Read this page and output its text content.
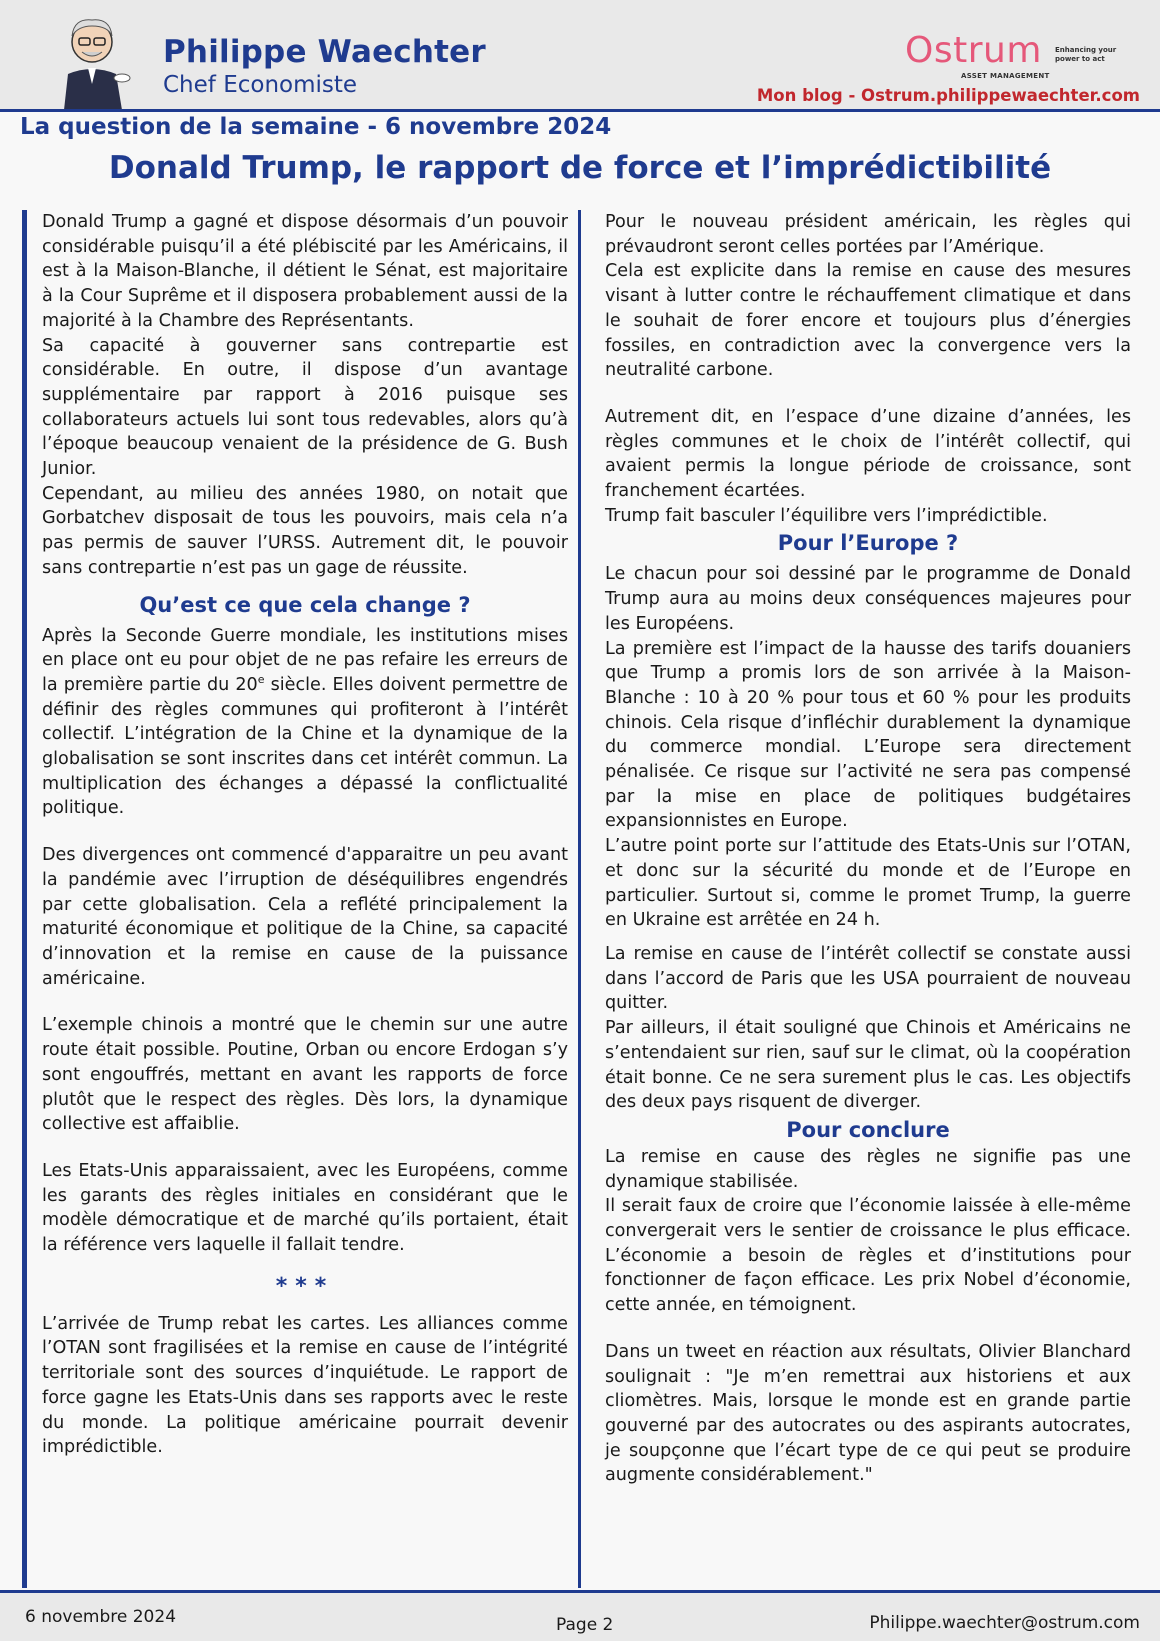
Philippe Waechter
Chef Economiste
Ostrum
ASSET MANAGEMENT
Enhancing your power to act
Mon blog - Ostrum.philippewaechter.com
La question de la semaine - 6 novembre 2024
Donald Trump, le rapport de force et l’imprédictibilité

Donald Trump a gagné et dispose désormais d’un pouvoir considérable puisqu’il a été plébiscité par les Américains, il est à la Maison-Blanche, il détient le Sénat, est majoritaire à la Cour Suprême et il disposera probablement aussi de la majorité à la Chambre des Représentants.

Sa capacité à gouverner sans contrepartie est considérable. En outre, il dispose d’un avantage supplémentaire par rapport à 2016 puisque ses collaborateurs actuels lui sont tous redevables, alors qu’à l’époque beaucoup venaient de la présidence de G. Bush Junior.

Cependant, au milieu des années 1980, on notait que Gorbatchev disposait de tous les pouvoirs, mais cela n’a pas permis de sauver l’URSS. Autrement dit, le pouvoir sans contrepartie n’est pas un gage de réussite.

Qu’est ce que cela change ?

Après la Seconde Guerre mondiale, les institutions mises en place ont eu pour objet de ne pas refaire les erreurs de la première partie du 20e siècle. Elles doivent permettre de définir des règles communes qui profiteront à l’intérêt collectif. L’intégration de la Chine et la dynamique de la globalisation se sont inscrites dans cet intérêt commun. La multiplication des échanges a dépassé la conflictualité politique.

Des divergences ont commencé d'apparaitre un peu avant la pandémie avec l’irruption de déséquilibres engendrés par cette globalisation. Cela a reflété principalement la maturité économique et politique de la Chine, sa capacité d’innovation et la remise en cause de la puissance américaine.

L’exemple chinois a montré que le chemin sur une autre route était possible. Poutine, Orban ou encore Erdogan s’y sont engouffrés, mettant en avant les rapports de force plutôt que le respect des règles. Dès lors, la dynamique collective est affaiblie.

Les Etats-Unis apparaissaient, avec les Européens, comme les garants des règles initiales en considérant que le modèle démocratique et de marché qu’ils portaient, était la référence vers laquelle il fallait tendre.

***

L’arrivée de Trump rebat les cartes. Les alliances comme l’OTAN sont fragilisées et la remise en cause de l’intégrité territoriale sont des sources d’inquiétude. Le rapport de force gagne les Etats-Unis dans ses rapports avec le reste du monde. La politique américaine pourrait devenir imprédictible.

Pour le nouveau président américain, les règles qui prévaudront seront celles portées par l’Amérique.

Cela est explicite dans la remise en cause des mesures visant à lutter contre le réchauffement climatique et dans le souhait de forer encore et toujours plus d’énergies fossiles, en contradiction avec la convergence vers la neutralité carbone.

Autrement dit, en l’espace d’une dizaine d’années, les règles communes et le choix de l’intérêt collectif, qui avaient permis la longue période de croissance, sont franchement écartées.

Trump fait basculer l’équilibre vers l’imprédictible.

Pour l’Europe ?

Le chacun pour soi dessiné par le programme de Donald Trump aura au moins deux conséquences majeures pour les Européens.

La première est l’impact de la hausse des tarifs douaniers que Trump a promis lors de son arrivée à la Maison-Blanche : 10 à 20 % pour tous et 60 % pour les produits chinois. Cela risque d’infléchir durablement la dynamique du commerce mondial. L’Europe sera directement pénalisée. Ce risque sur l’activité ne sera pas compensé par la mise en place de politiques budgétaires expansionnistes en Europe.

L’autre point porte sur l’attitude des Etats-Unis sur l’OTAN, et donc sur la sécurité du monde et de l’Europe en particulier. Surtout si, comme le promet Trump, la guerre en Ukraine est arrêtée en 24 h.

La remise en cause de l’intérêt collectif se constate aussi dans l’accord de Paris que les USA pourraient de nouveau quitter.

Par ailleurs, il était souligné que Chinois et Américains ne s’entendaient sur rien, sauf sur le climat, où la coopération était bonne. Ce ne sera surement plus le cas. Les objectifs des deux pays risquent de diverger.

Pour conclure

La remise en cause des règles ne signifie pas une dynamique stabilisée.

Il serait faux de croire que l’économie laissée à elle-même convergerait vers le sentier de croissance le plus efficace. L’économie a besoin de règles et d’institutions pour fonctionner de façon efficace. Les prix Nobel d’économie, cette année, en témoignent.

Dans un tweet en réaction aux résultats, Olivier Blanchard soulignait : "Je m’en remettrai aux historiens et aux cliomètres. Mais, lorsque le monde est en grande partie gouverné par des autocrates ou des aspirants autocrates, je soupçonne que l’écart type de ce qui peut se produire augmente considérablement."

6 novembre 2024	Page 2	Philippe.waechter@ostrum.com
